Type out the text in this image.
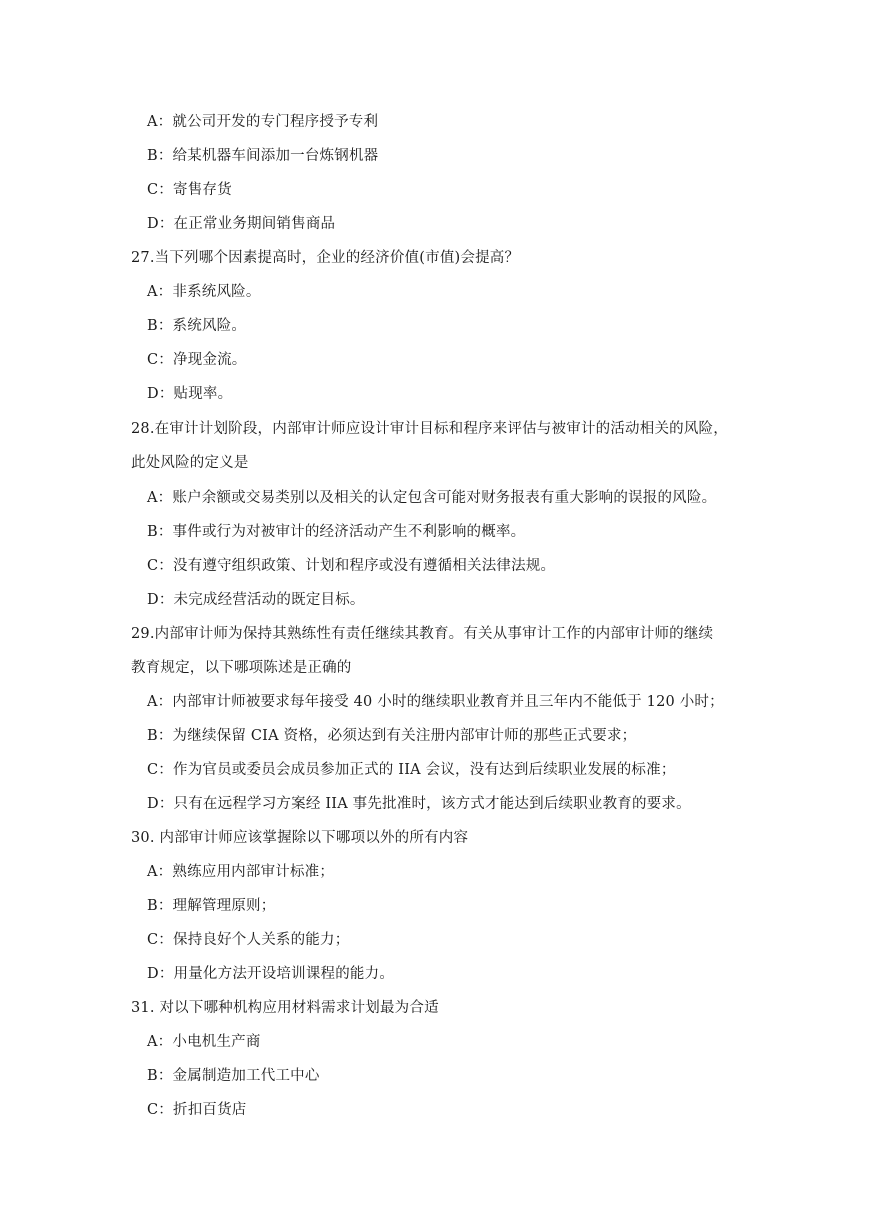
A：就公司开发的专门程序授予专利
B：给某机器车间添加一台炼钢机器
C：寄售存货
D：在正常业务期间销售商品
27.当下列哪个因素提高时，企业的经济价值(市值)会提高？
A：非系统风险。
B：系统风险。
C：净现金流。
D：贴现率。
28.在审计计划阶段，内部审计师应设计审计目标和程序来评估与被审计的活动相关的风险，
此处风险的定义是
A：账户余额或交易类别以及相关的认定包含可能对财务报表有重大影响的误报的风险。
B：事件或行为对被审计的经济活动产生不利影响的概率。
C：没有遵守组织政策、计划和程序或没有遵循相关法律法规。
D：未完成经营活动的既定目标。
29.内部审计师为保持其熟练性有责任继续其教育。有关从事审计工作的内部审计师的继续
教育规定，以下哪项陈述是正确的
A：内部审计师被要求每年接受 40 小时的继续职业教育并且三年内不能低于 120 小时；
B：为继续保留 CIA 资格，必须达到有关注册内部审计师的那些正式要求；
C：作为官员或委员会成员参加正式的 IIA 会议，没有达到后续职业发展的标准；
D：只有在远程学习方案经 IIA 事先批准时，该方式才能达到后续职业教育的要求。
30. 内部审计师应该掌握除以下哪项以外的所有内容
A：熟练应用内部审计标准；
B：理解管理原则；
C：保持良好个人关系的能力；
D：用量化方法开设培训课程的能力。
31. 对以下哪种机构应用材料需求计划最为合适
A：小电机生产商
B：金属制造加工代工中心
C：折扣百货店
